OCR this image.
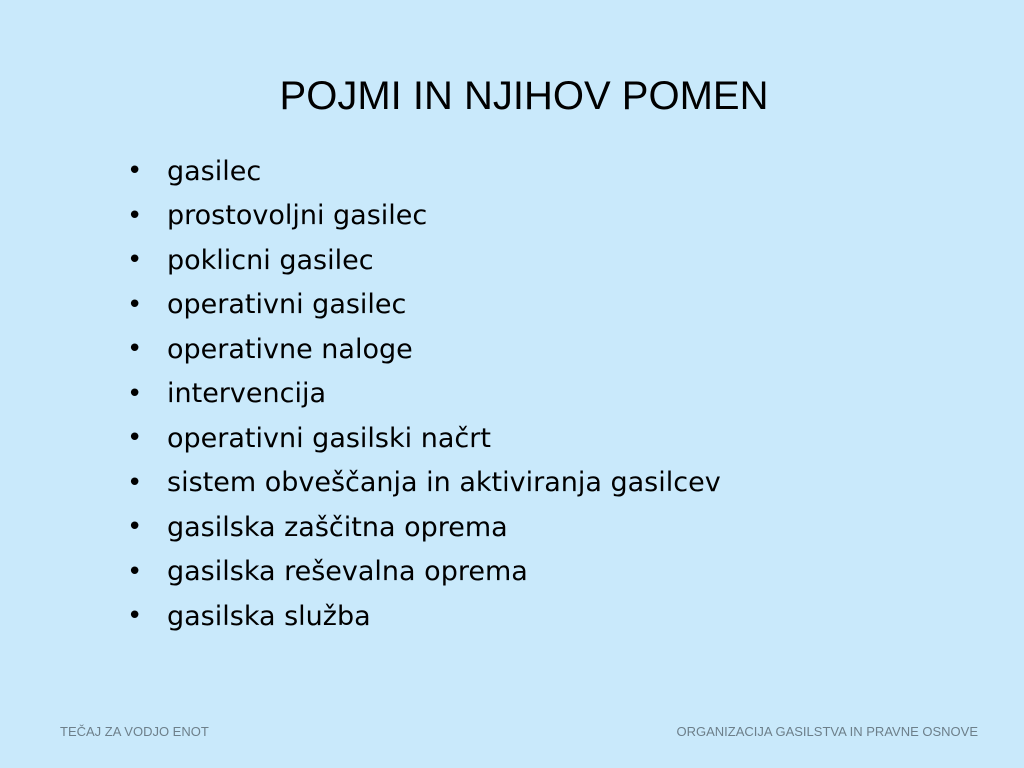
POJMI IN NJIHOV POMEN
• gasilec
• prostovoljni gasilec
• poklicni gasilec
• operativni gasilec
• operativne naloge
• intervencija
• operativni gasilski načrt
• sistem obveščanja in aktiviranja gasilcev
• gasilska zaščitna oprema
• gasilska reševalna oprema
• gasilska služba
TEČAJ ZA VODJO ENOT	ORGANIZACIJA GASILSTVA IN PRAVNE OSNOVE
